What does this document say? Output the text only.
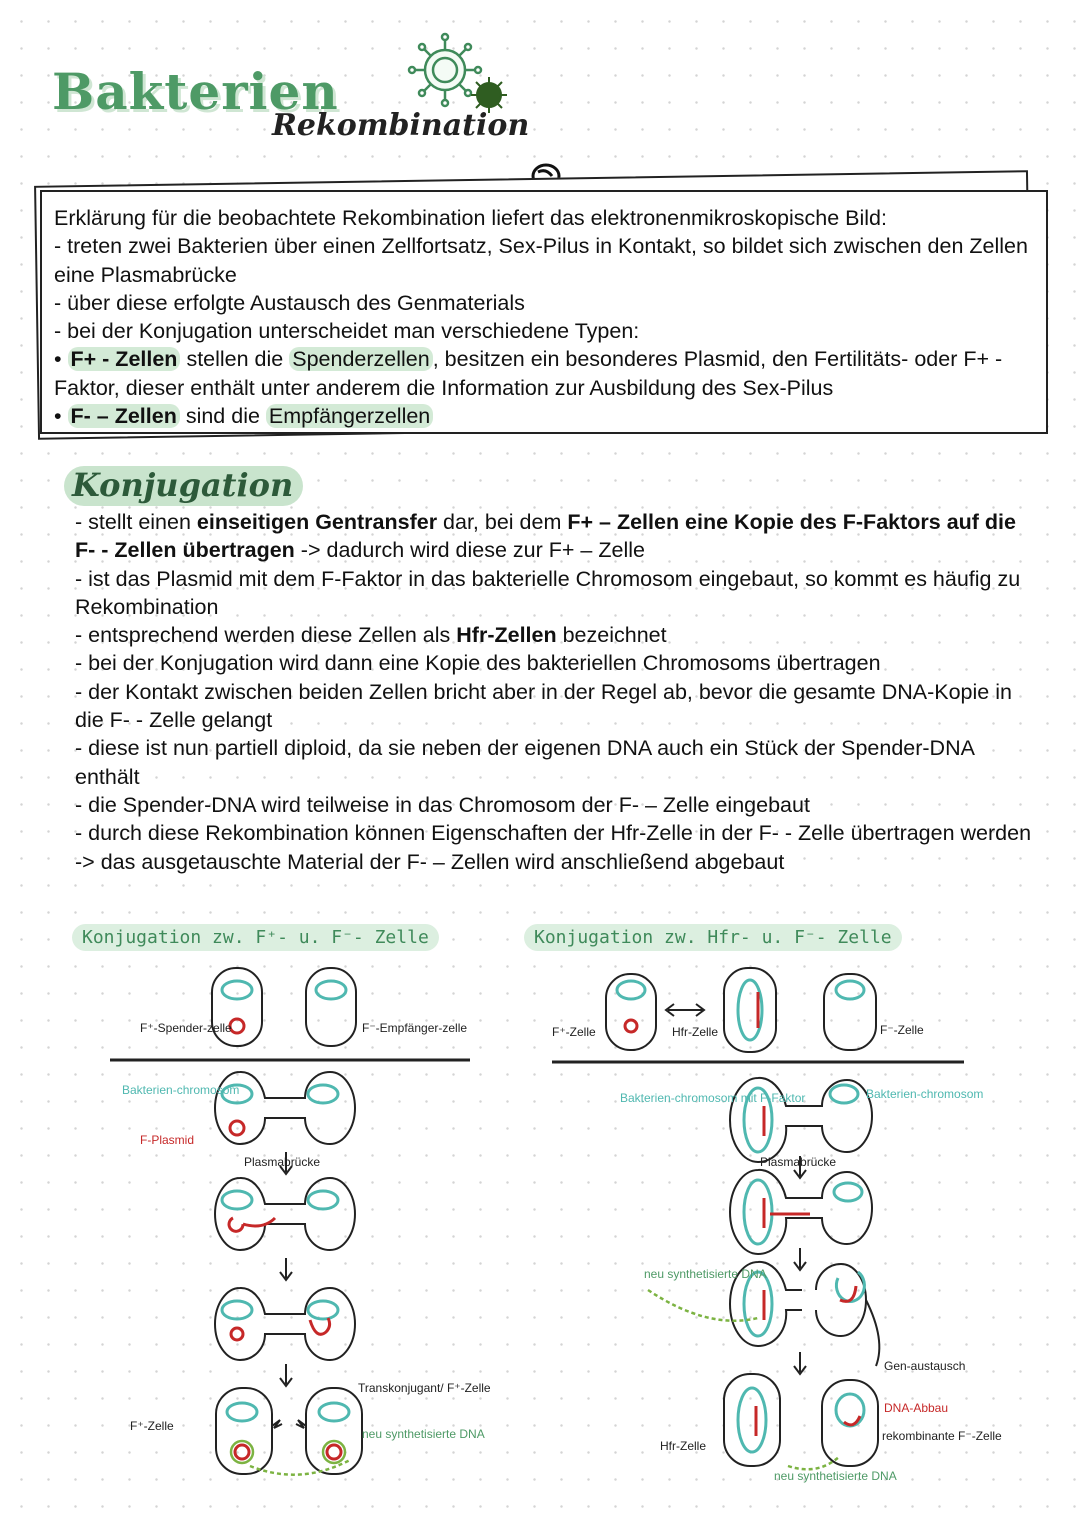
Bakterien
Rekombination

Erklärung für die beobachtete Rekombination liefert das elektronenmikroskopische Bild:

- treten zwei Bakterien über einen Zellfortsatz, Sex-Pilus in Kontakt, so bildet sich zwischen den Zellen eine Plasmabrücke

- über diese erfolgte Austausch des Genmaterials

- bei der Konjugation unterscheidet man verschiedene Typen:

• F+ - Zellen stellen die Spenderzellen , besitzen ein besonderes Plasmid, den Fertilitäts- oder F+ - Faktor, dieser enthält unter anderem die Information zur Ausbildung des Sex-Pilus

• F- – Zellen sind die Empfängerzellen

Konjugation

- stellt einen einseitigen Gentransfer dar, bei dem F+ – Zellen eine Kopie des F-Faktors auf die F- - Zellen übertragen -> dadurch wird diese zur F+ – Zelle

- ist das Plasmid mit dem F-Faktor in das bakterielle Chromosom eingebaut, so kommt es häufig zu Rekombination

- entsprechend werden diese Zellen als Hfr-Zellen bezeichnet

- bei der Konjugation wird dann eine Kopie des bakteriellen Chromosoms übertragen

- der Kontakt zwischen beiden Zellen bricht aber in der Regel ab, bevor die gesamte DNA-Kopie in die F- - Zelle gelangt

- diese ist nun partiell diploid, da sie neben der eigenen DNA auch ein Stück der Spender-DNA enthält

- die Spender-DNA wird teilweise in das Chromosom der F- – Zelle eingebaut

- durch diese Rekombination können Eigenschaften der Hfr-Zelle in der F- - Zelle übertragen werden -> das ausgetauschte Material der F- – Zellen wird anschließend abgebaut

Konjugation zw. F⁺- u. F⁻- Zelle	Konjugation zw. Hfr- u. F⁻- Zelle
F⁺-Spender-zelle	F⁻-Empfänger-zelle
Bakterien-chromosom
F-Plasmid
Plasmabrücke
Transkonjugant/ F⁺-Zelle
neu synthetisierte DNA
F⁺-Zelle
F⁺-Zelle	Hfr-Zelle	F⁻-Zelle
Bakterien-chromosom mit F-Faktor	Bakterien-chromosom
Plasmabrücke
neu synthetisierte DNA
Gen-austausch
DNA-Abbau
rekombinante F⁻-Zelle
Hfr-Zelle
neu synthetisierte DNA
